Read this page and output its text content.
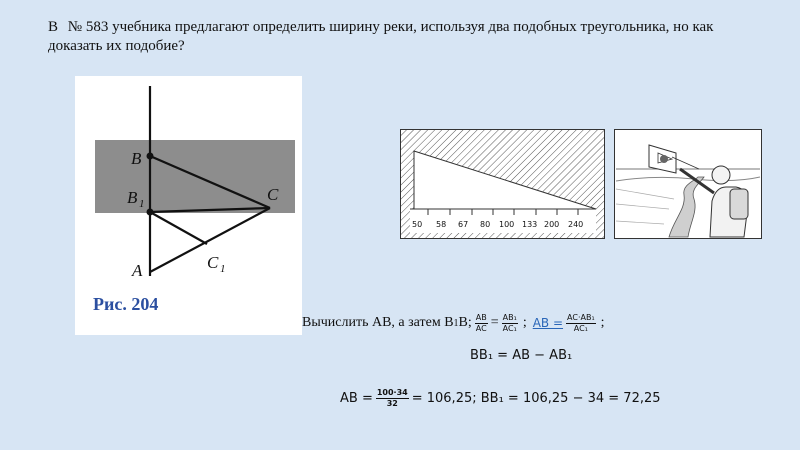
В № 583 учебника предлагают определить ширину реки, используя два подобных треугольника, но как доказать их подобие?
B
B 1	C
A	C 1
Рис. 204
50 58 67 80 100 133 200 240
Вычислить АВ, а затем В 1 В; $\frac{AB}{AC} = \frac{\text{AB₁}}{\text{AC₁}}$ ; AB = $\frac{\text{AC·AB₁}}{\text{AC₁}}$ ;
BB₁ = AB − AB₁
AB = $\frac{100\cdot 34}{32} = 106,25$; BB₁ = 106,25 − 34 = 72,25
